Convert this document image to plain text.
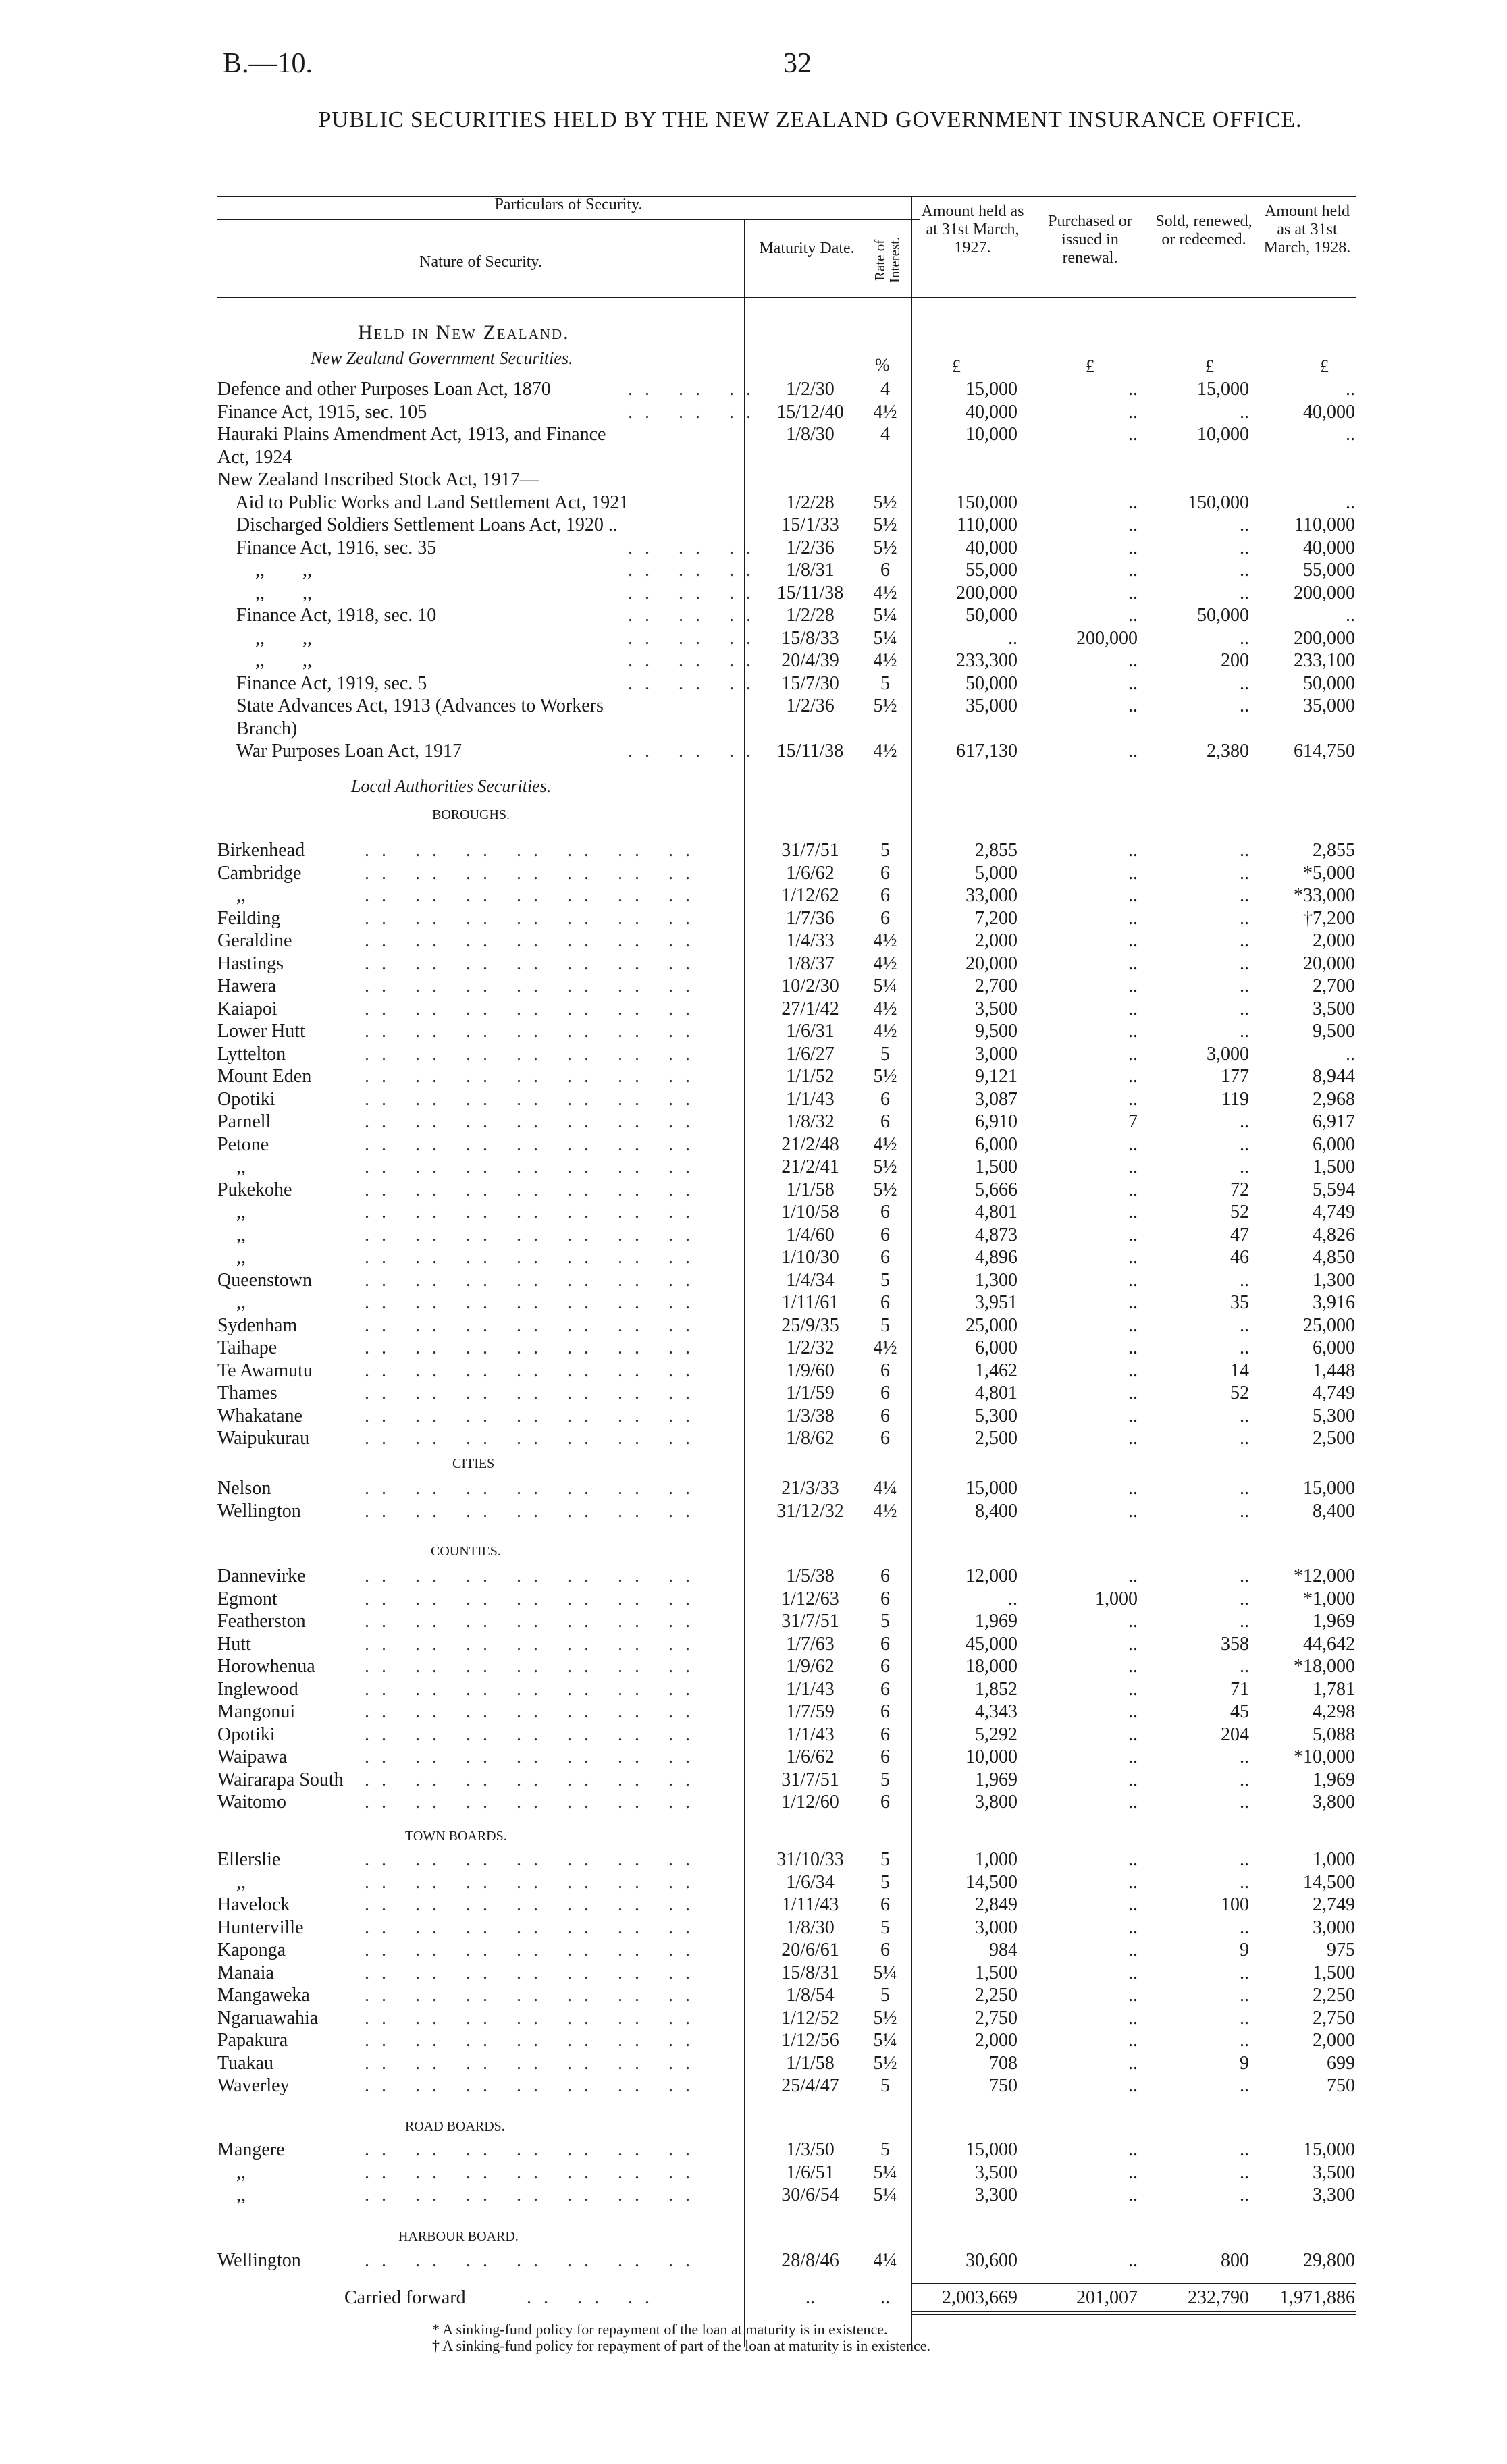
B.—10.	32
PUBLIC SECURITIES HELD BY THE NEW ZEALAND GOVERNMENT INSURANCE OFFICE.
Particulars of Security.
Nature of Security.
Maturity Date.	Rate of Interest.
Amount held as at 31st March, 1927.
Purchased or issued in renewal.
Sold, renewed, or redeemed.
Amount held as at 31st March, 1928.
Held in New Zealand.
New Zealand Government Securities.	%	£	£	£	£
Local Authorities Securities.
BOROUGHS.
CITIES
COUNTIES.
TOWN BOARDS.
ROAD BOARDS.
HARBOUR BOARD.
Defence and other Purposes Loan Act, 1870	.. .. ..	1/2/30	4	15,000	..	15,000	..
Finance Act, 1915, sec. 105	.. .. .. 15/12/40	4½	40,000	..	..	40,000
Hauraki Plains Amendment Act, 1913, and Finance	1/8/30	4	10,000	..	10,000	..
Act, 1924
New Zealand Inscribed Stock Act, 1917—
Aid to Public Works and Land Settlement Act, 1921	1/2/28	5½	150,000	..	150,000	..
Discharged Soldiers Settlement Loans Act, 1920 ..	15/1/33	5½	110,000	..	..	110,000
Finance Act, 1916, sec. 35	.. .. ..	1/2/36	5½	40,000	..	..	40,000
,,        ,,	.. .. ..	1/8/31	6	55,000	..	..	55,000
,,        ,,	.. .. .. 15/11/38	4½	200,000	..	..	200,000
Finance Act, 1918, sec. 10	.. .. ..	1/2/28	5¼	50,000	..	50,000	..
,,        ,,	.. .. .. 15/8/33	5¼	..	200,000	..	200,000
,,        ,,	.. .. .. 20/4/39	4½	233,300	..	200	233,100
Finance Act, 1919, sec. 5	.. .. .. 15/7/30	5	50,000	..	..	50,000
State Advances Act, 1913 (Advances to Workers	1/2/36	5½	35,000	..	..	35,000
Branch)
War Purposes Loan Act, 1917	.. .. .. 15/11/38	4½	617,130	..	2,380	614,750
Birkenhead	.. .. .. .. .. .. ..	31/7/51	5	2,855	..	..	2,855
Cambridge	.. .. .. .. .. .. ..	1/6/62	6	5,000	..	..	*5,000
,,	.. .. .. .. .. .. ..	1/12/62	6	33,000	..	..	*33,000
Feilding	.. .. .. .. .. .. ..	1/7/36	6	7,200	..	..	†7,200
Geraldine	.. .. .. .. .. .. ..	1/4/33	4½	2,000	..	..	2,000
Hastings	.. .. .. .. .. .. ..	1/8/37	4½	20,000	..	..	20,000
Hawera	.. .. .. .. .. .. ..	10/2/30	5¼	2,700	..	..	2,700
Kaiapoi	.. .. .. .. .. .. ..	27/1/42	4½	3,500	..	..	3,500
Lower Hutt	.. .. .. .. .. .. ..	1/6/31	4½	9,500	..	..	9,500
Lyttelton	.. .. .. .. .. .. ..	1/6/27	5	3,000	..	3,000	..
Mount Eden	.. .. .. .. .. .. ..	1/1/52	5½	9,121	..	177	8,944
Opotiki	.. .. .. .. .. .. ..	1/1/43	6	3,087	..	119	2,968
Parnell	.. .. .. .. .. .. ..	1/8/32	6	6,910	7	..	6,917
Petone	.. .. .. .. .. .. ..	21/2/48	4½	6,000	..	..	6,000
,,	.. .. .. .. .. .. ..	21/2/41	5½	1,500	..	..	1,500
Pukekohe	.. .. .. .. .. .. ..	1/1/58	5½	5,666	..	72	5,594
,,	.. .. .. .. .. .. ..	1/10/58	6	4,801	..	52	4,749
,,	.. .. .. .. .. .. ..	1/4/60	6	4,873	..	47	4,826
,,	.. .. .. .. .. .. ..	1/10/30	6	4,896	..	46	4,850
Queenstown	.. .. .. .. .. .. ..	1/4/34	5	1,300	..	..	1,300
,,	.. .. .. .. .. .. ..	1/11/61	6	3,951	..	35	3,916
Sydenham	.. .. .. .. .. .. ..	25/9/35	5	25,000	..	..	25,000
Taihape	.. .. .. .. .. .. ..	1/2/32	4½	6,000	..	..	6,000
Te Awamutu	.. .. .. .. .. .. ..	1/9/60	6	1,462	..	14	1,448
Thames	.. .. .. .. .. .. ..	1/1/59	6	4,801	..	52	4,749
Whakatane	.. .. .. .. .. .. ..	1/3/38	6	5,300	..	..	5,300
Waipukurau	.. .. .. .. .. .. ..	1/8/62	6	2,500	..	..	2,500
Nelson	.. .. .. .. .. .. ..	21/3/33	4¼	15,000	..	..	15,000
Wellington	.. .. .. .. .. .. ..	31/12/32	4½	8,400	..	..	8,400
Dannevirke	.. .. .. .. .. .. ..	1/5/38	6	12,000	..	..	*12,000
Egmont	.. .. .. .. .. .. ..	1/12/63	6	..	1,000	..	*1,000
Featherston	.. .. .. .. .. .. ..	31/7/51	5	1,969	..	..	1,969
Hutt	.. .. .. .. .. .. ..	1/7/63	6	45,000	..	358	44,642
Horowhenua	.. .. .. .. .. .. ..	1/9/62	6	18,000	..	..	*18,000
Inglewood	.. .. .. .. .. .. ..	1/1/43	6	1,852	..	71	1,781
Mangonui	.. .. .. .. .. .. ..	1/7/59	6	4,343	..	45	4,298
Opotiki	.. .. .. .. .. .. ..	1/1/43	6	5,292	..	204	5,088
Waipawa	.. .. .. .. .. .. ..	1/6/62	6	10,000	..	..	*10,000
Wairarapa South .. .. .. .. .. .. ..	31/7/51	5	1,969	..	..	1,969
Waitomo	.. .. .. .. .. .. ..	1/12/60	6	3,800	..	..	3,800
Ellerslie	.. .. .. .. .. .. ..	31/10/33	5	1,000	..	..	1,000
,,	.. .. .. .. .. .. ..	1/6/34	5	14,500	..	..	14,500
Havelock	.. .. .. .. .. .. ..	1/11/43	6	2,849	..	100	2,749
Hunterville	.. .. .. .. .. .. ..	1/8/30	5	3,000	..	..	3,000
Kaponga	.. .. .. .. .. .. ..	20/6/61	6	984	..	9	975
Manaia	.. .. .. .. .. .. ..	15/8/31	5¼	1,500	..	..	1,500
Mangaweka	.. .. .. .. .. .. ..	1/8/54	5	2,250	..	..	2,250
Ngaruawahia .. .. .. .. .. .. ..	1/12/52	5½	2,750	..	..	2,750
Papakura	.. .. .. .. .. .. ..	1/12/56	5¼	2,000	..	..	2,000
Tuakau	.. .. .. .. .. .. ..	1/1/58	5½	708	..	9	699
Waverley	.. .. .. .. .. .. ..	25/4/47	5	750	..	..	750
Mangere	.. .. .. .. .. .. ..	1/3/50	5	15,000	..	..	15,000
,,	.. .. .. .. .. .. ..	1/6/51	5¼	3,500	..	..	3,500
,,	.. .. .. .. .. .. ..	30/6/54	5¼	3,300	..	..	3,300
Wellington	.. .. .. .. .. .. ..	28/8/46	4¼	30,600	..	800	29,800
Carried forward	.. .. ..	..	..	2,003,669	201,007	232,790	1,971,886
* A sinking-fund policy for repayment of the loan at maturity is in existence.
† A sinking-fund policy for repayment of part of the loan at maturity is in existence.
